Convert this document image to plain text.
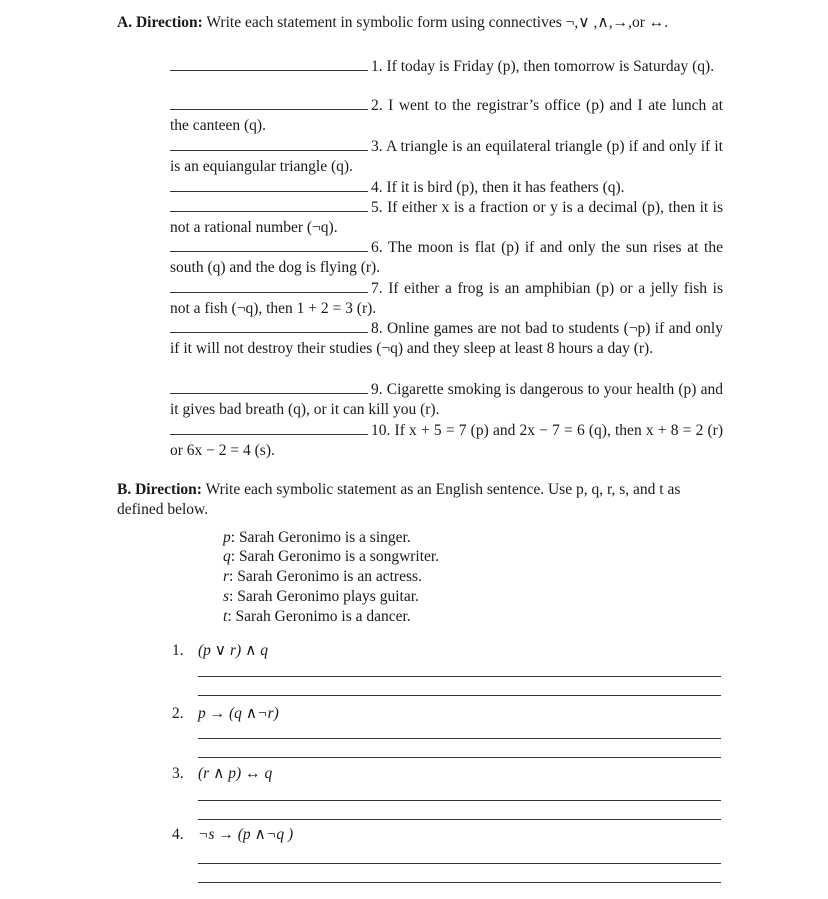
A. Direction: Write each statement in symbolic form using connectives ¬,∨ ,∧,→,or ↔.
1. If today is Friday (p), then tomorrow is Saturday (q).
2. I went to the registrar’s office (p) and I ate lunch at the canteen (q).
3. A triangle is an equilateral triangle (p) if and only if it is an equiangular triangle (q).
4. If it is bird (p), then it has feathers (q).
5. If either x is a fraction or y is a decimal (p), then it is not a rational number (¬q).
6. The moon is flat (p) if and only the sun rises at the south (q) and the dog is flying (r).
7. If either a frog is an amphibian (p) or a jelly fish is not a fish (¬q), then 1 + 2 = 3 (r).
8. Online games are not bad to students (¬p) if and only if it will not destroy their studies (¬q) and they sleep at least 8 hours a day (r).
9. Cigarette smoking is dangerous to your health (p) and it gives bad breath (q), or it can kill you (r).
10. If x + 5 = 7 (p) and 2x − 7 = 6 (q), then x + 8 = 2 (r) or 6x − 2 = 4 (s).
B. Direction: Write each symbolic statement as an English sentence. Use p, q, r, s, and t as defined below.
p: Sarah Geronimo is a singer.
q: Sarah Geronimo is a songwriter.
r: Sarah Geronimo is an actress.
s: Sarah Geronimo plays guitar.
t: Sarah Geronimo is a dancer.
1. (p ∨ r) ∧ q
2. p → (q ∧¬r)
3. (r ∧ p) ↔ q
4. ¬s → (p ∧¬q )
